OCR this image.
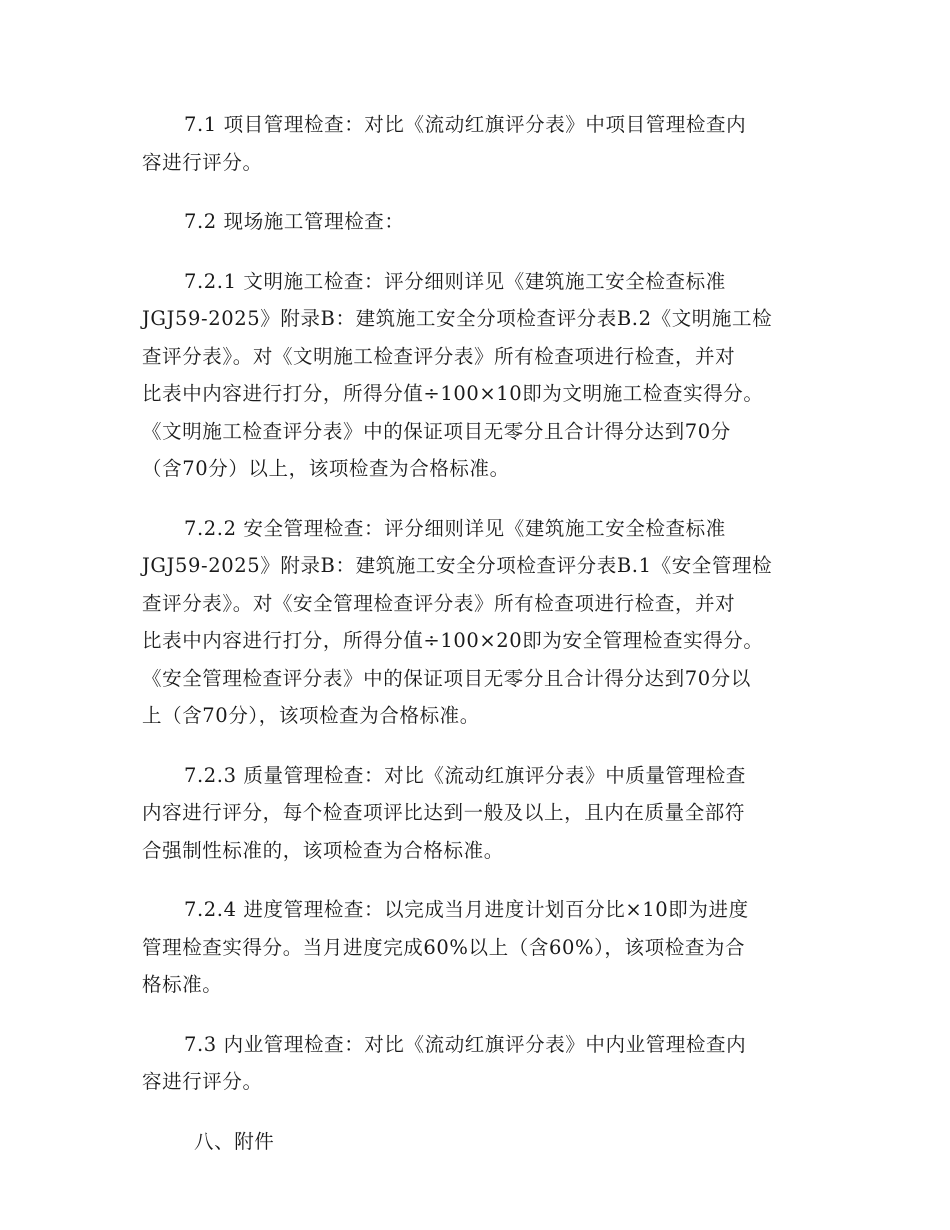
7.1 项目管理检查：对比《流动红旗评分表》中项目管理检查内
容进行评分。

7.2 现场施工管理检查：

7.2.1 文明施工检查：评分细则详见《建筑施工安全检查标准
JGJ59-2025》附录B：建筑施工安全分项检查评分表B.2《文明施工检
查评分表》。对《文明施工检查评分表》所有检查项进行检查，并对
比表中内容进行打分，所得分值÷100×10即为文明施工检查实得分。
《文明施工检查评分表》中的保证项目无零分且合计得分达到70分
（含70分）以上，该项检查为合格标准。

7.2.2 安全管理检查：评分细则详见《建筑施工安全检查标准
JGJ59-2025》附录B：建筑施工安全分项检查评分表B.1《安全管理检
查评分表》。对《安全管理检查评分表》所有检查项进行检查，并对
比表中内容进行打分，所得分值÷100×20即为安全管理检查实得分。
《安全管理检查评分表》中的保证项目无零分且合计得分达到70分以
上（含70分），该项检查为合格标准。

7.2.3 质量管理检查：对比《流动红旗评分表》中质量管理检查
内容进行评分，每个检查项评比达到一般及以上，且内在质量全部符
合强制性标准的，该项检查为合格标准。

7.2.4 进度管理检查：以完成当月进度计划百分比×10即为进度
管理检查实得分。当月进度完成60%以上（含60%），该项检查为合
格标准。

7.3 内业管理检查：对比《流动红旗评分表》中内业管理检查内
容进行评分。

八、附件
